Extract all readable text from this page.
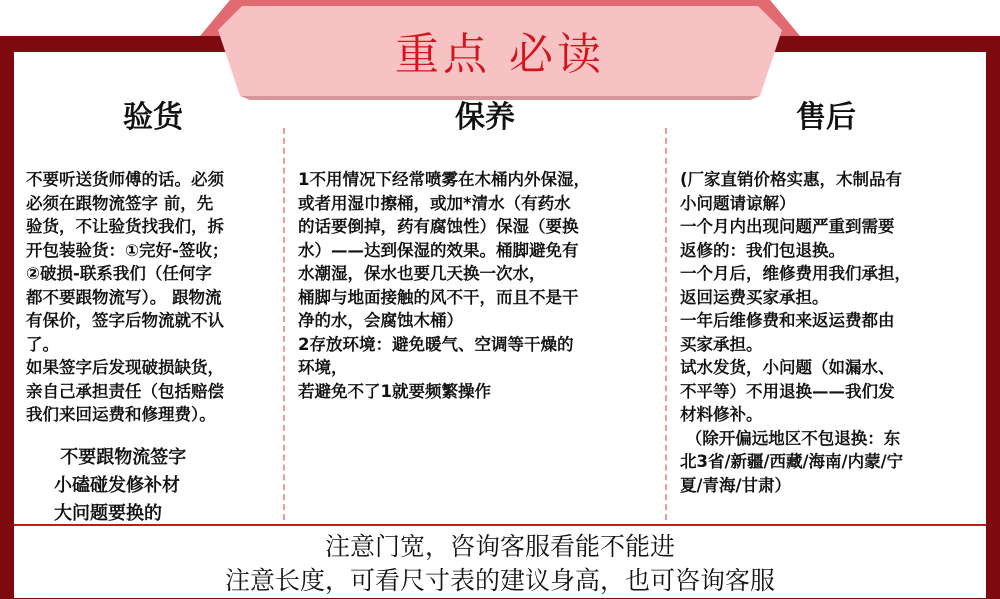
重点 必读
验货
不要听送货师傅的话。必须
必须在跟物流签字 前，先
验货，不让验货找我们，拆
开包装验货：①完好-签收；
②破损-联系我们（任何字
都不要跟物流写）。 跟物流
有保价，签字后物流就不认
了。
如果签字后发现破损缺货，
亲自己承担责任（包括赔偿
我们来回运费和修理费）。
不要跟物流签字
小磕碰发修补材
大问题要换的
保养
1不用情况下经常喷雾在木桶内外保湿，
或者用湿巾擦桶，或加*清水（有药水
的话要倒掉，药有腐蚀性）保湿（要换
水）——达到保湿的效果。桶脚避免有
水潮湿，保水也要几天换一次水，
桶脚与地面接触的风不干，而且不是干
净的水，会腐蚀木桶）
2存放环境：避免暖气、空调等干燥的
环境，
若避免不了1就要频繁操作
售后
(厂家直销价格实惠，木制品有
小问题请谅解）
一个月内出现问题严重到需要
返修的：我们包退换。
一个月后，维修费用我们承担，
返回运费买家承担。
一年后维修费和来返运费都由
买家承担。
试水发货，小问题（如漏水、
不平等）不用退换——我们发
材料修补。
（除开偏远地区不包退换：东
北3省/新疆/西藏/海南/内蒙/宁
夏/青海/甘肃）
注意门宽，咨询客服看能不能进
注意长度，可看尺寸表的建议身高，也可咨询客服
